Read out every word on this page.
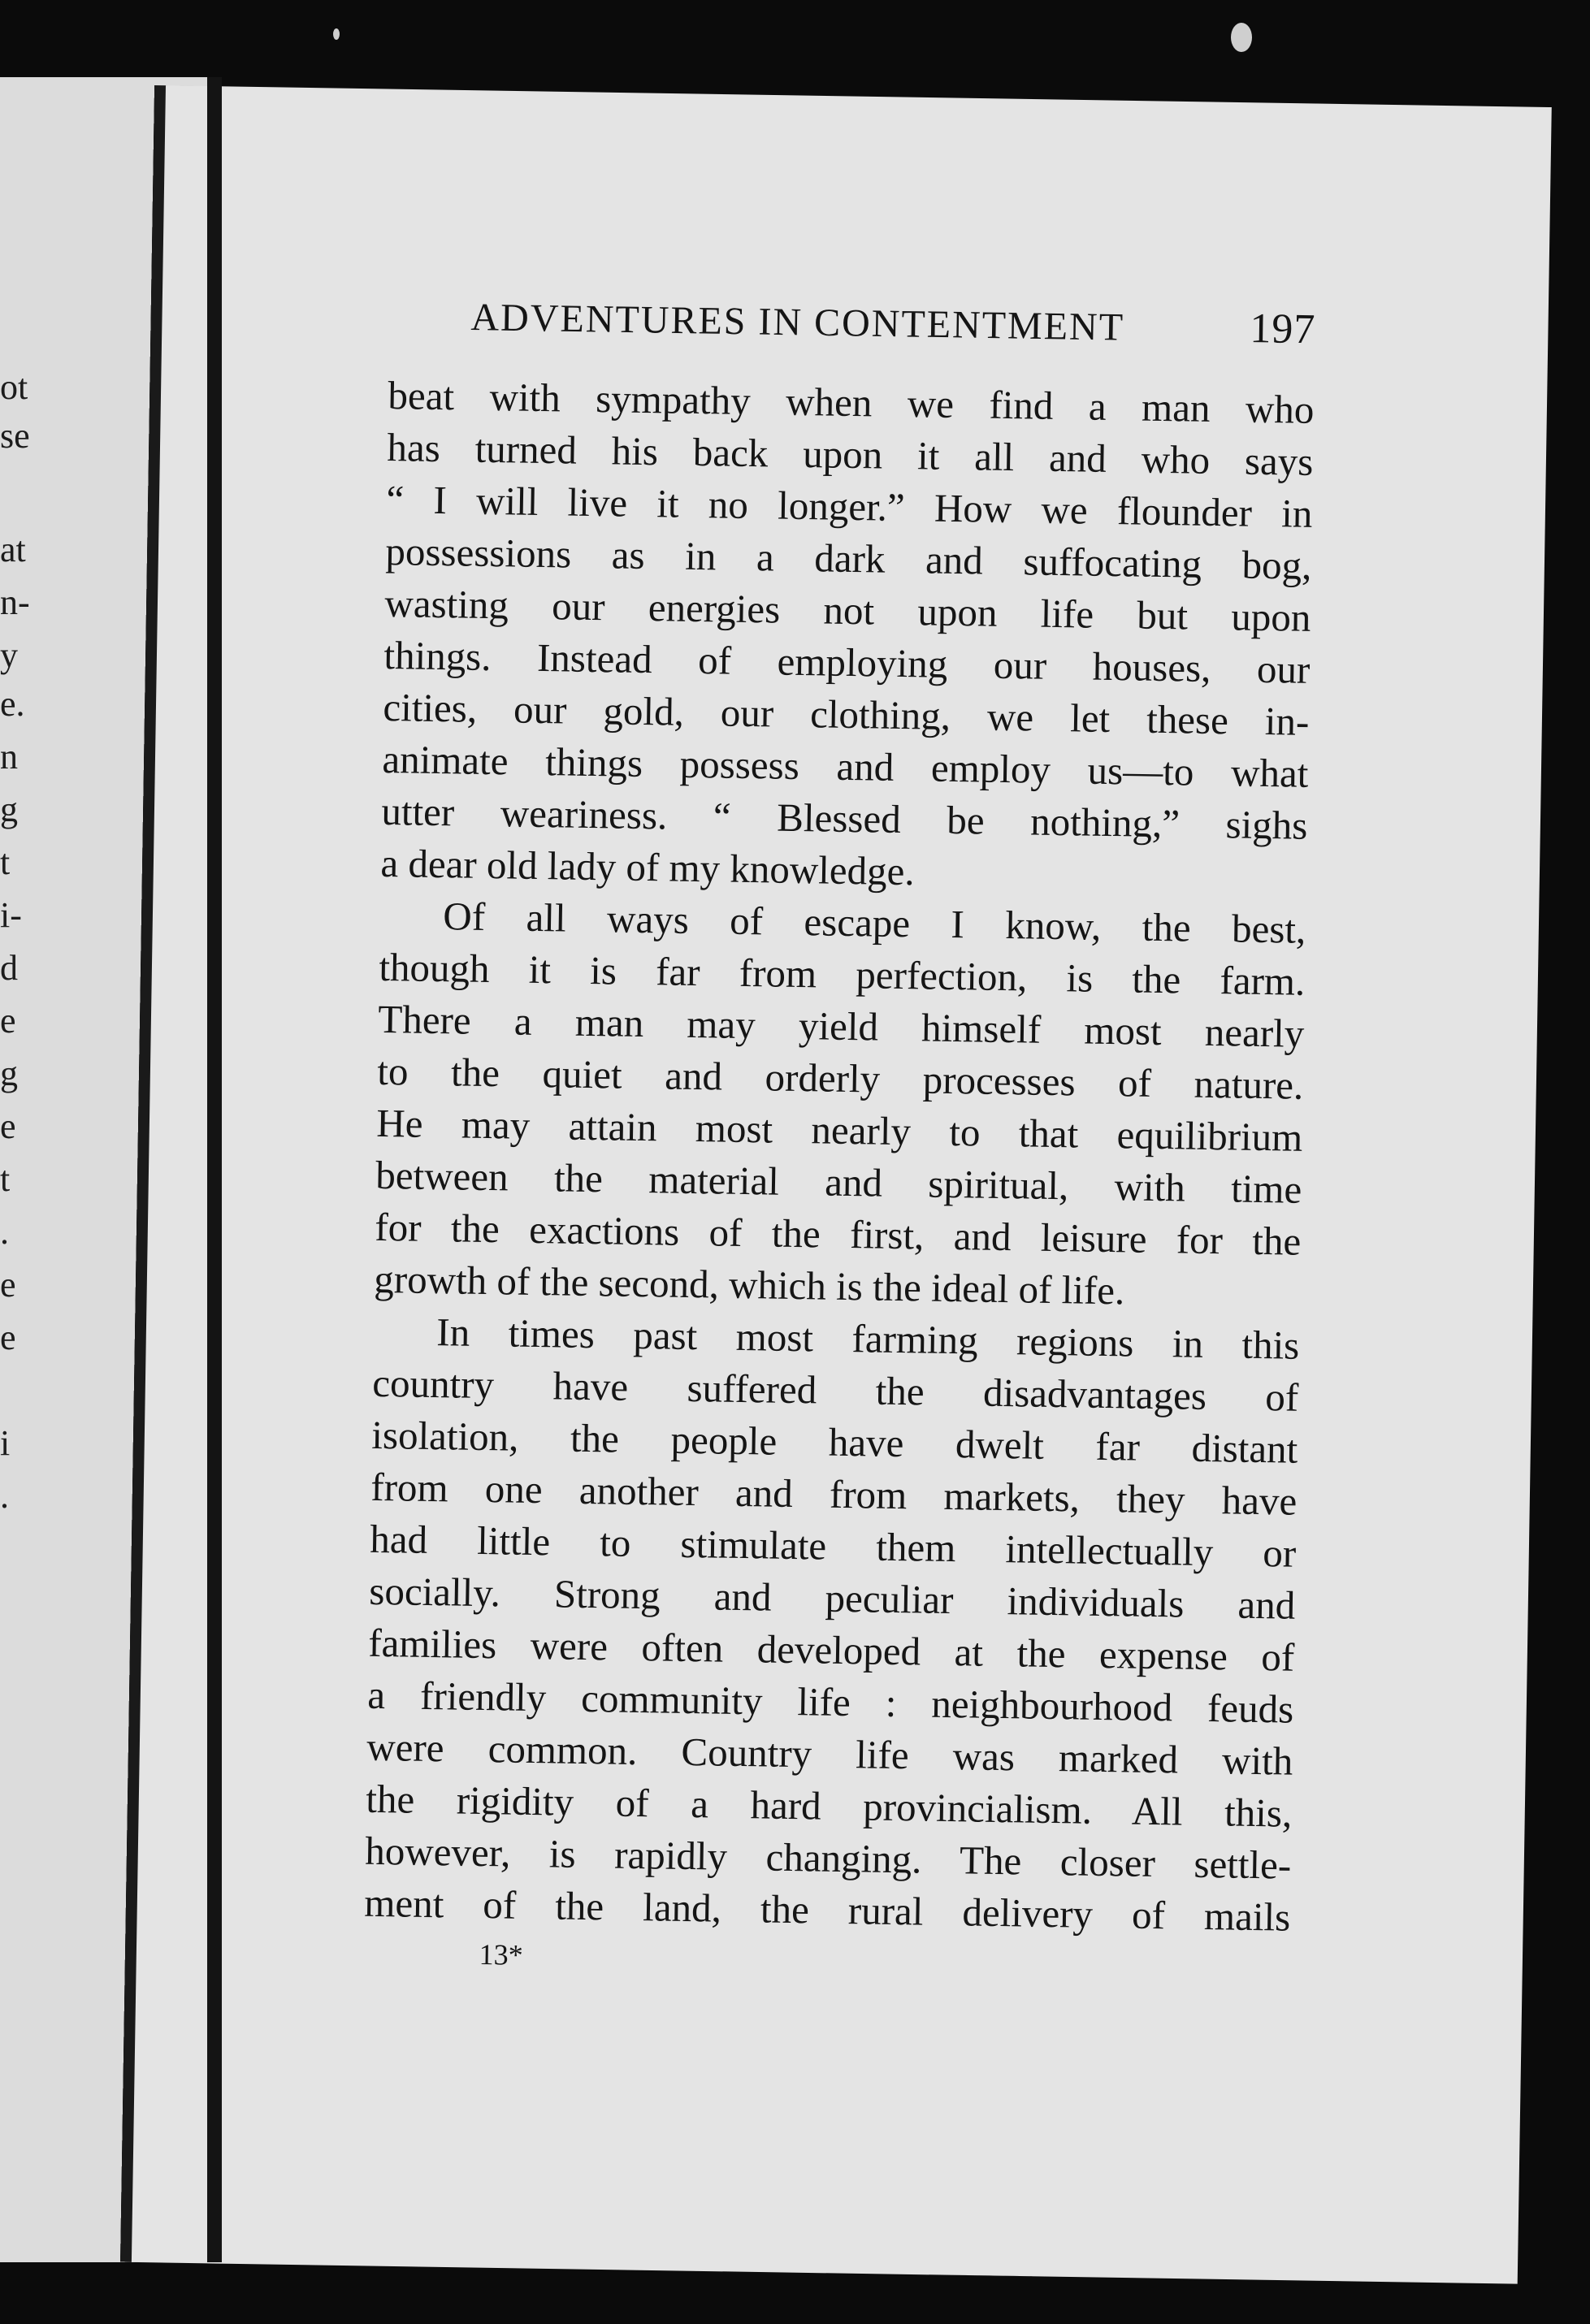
ot
se
at
n-
y
e.
n
g
t
i-
d
e
g
e
t
.
e
e
i
.
ADVENTURES IN CONTENTMENT	197
beat with sympathy when we find a man who
has turned his back upon it all and who says
“ I will live it no longer.” How we flounder in
possessions as in a dark and suffocating bog,
wasting our energies not upon life but upon
things. Instead of employing our houses, our
cities, our gold, our clothing, we let these in-
animate things possess and employ us—to what
utter weariness. “ Blessed be nothing,” sighs
a dear old lady of my knowledge.
Of all ways of escape I know, the best,
though it is far from perfection, is the farm.
There a man may yield himself most nearly
to the quiet and orderly processes of nature.
He may attain most nearly to that equilibrium
between the material and spiritual, with time
for the exactions of the first, and leisure for the
growth of the second, which is the ideal of life.
In times past most farming regions in this
country have suffered the disadvantages of
isolation, the people have dwelt far distant
from one another and from markets, they have
had little to stimulate them intellectually or
socially. Strong and peculiar individuals and
families were often developed at the expense of
a friendly community life : neighbourhood feuds
were common. Country life was marked with
the rigidity of a hard provincialism. All this,
however, is rapidly changing. The closer settle-
ment of the land, the rural delivery of mails
13*
